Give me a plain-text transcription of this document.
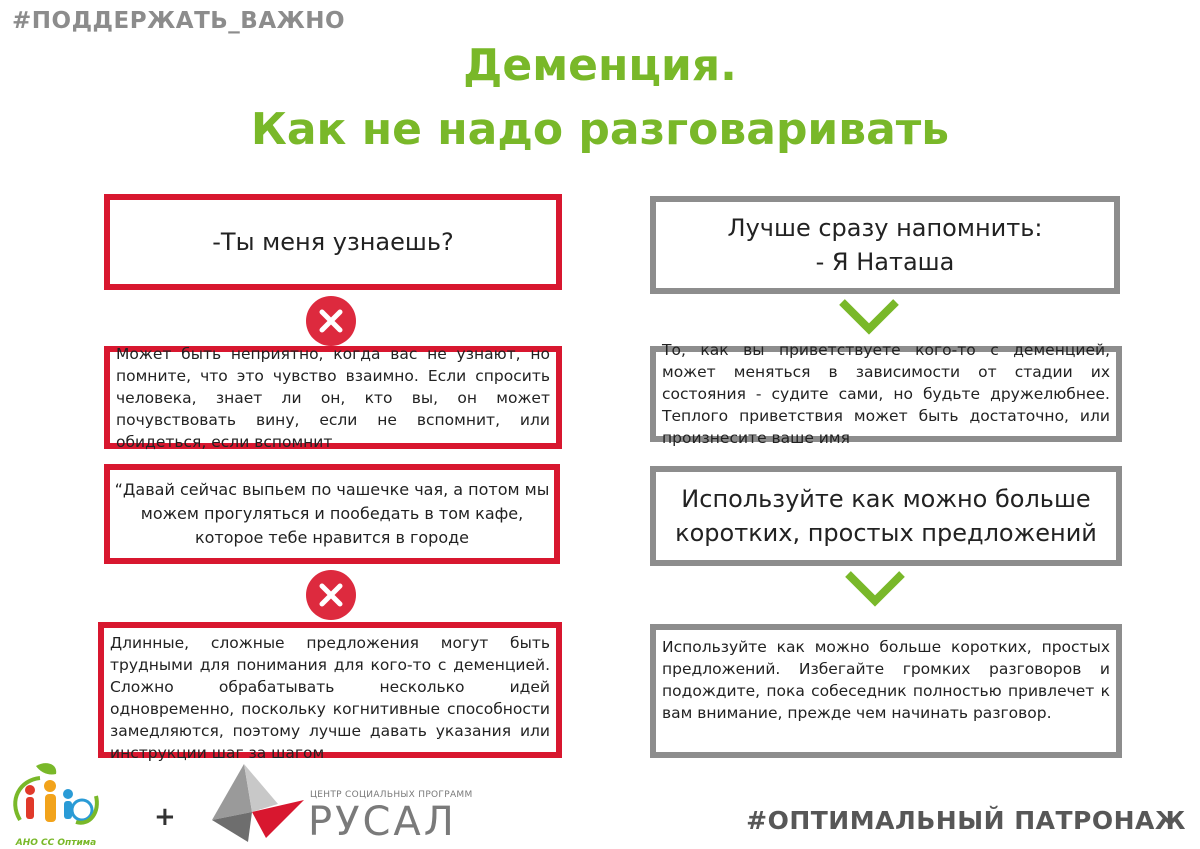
#ПОДДЕРЖАТЬ_ВАЖНО
Деменция.
Как не надо разговаривать
-Ты меня узнаешь?
Может быть неприятно, когда вас не узнают, но помните, что это чувство взаимно. Если спросить человека, знает ли он, кто вы, он может почувствовать вину, если не вспомнит, или обидеться, если вспомнит
“Давай сейчас выпьем по чашечке чая, а потом мы можем прогуляться и пообедать в том кафе, которое тебе нравится в городе
Длинные, сложные предложения могут быть трудными для понимания для кого-то с деменцией. Сложно обрабатывать несколько идей одновременно, поскольку когнитивные способности замедляются, поэтому лучше давать указания или инструкции шаг за шагом
Лучше сразу напомнить:
- Я Наташа
То, как вы приветствуете кого-то с деменцией, может меняться в зависимости от стадии их состояния - судите сами, но будьте дружелюбнее. Теплого приветствия может быть достаточно, или произнесите ваше имя
Используйте как можно больше коротких, простых предложений
Используйте как можно больше коротких, простых предложений. Избегайте громких разговоров и подождите, пока собеседник полностью привлечет к вам внимание, прежде чем начинать разговор.
АНО СС Оптима
+
ЦЕНТР СОЦИАЛЬНЫХ ПРОГРАММ
РУСАЛ	#ОПТИМАЛЬНЫЙ ПАТРОНАЖ
